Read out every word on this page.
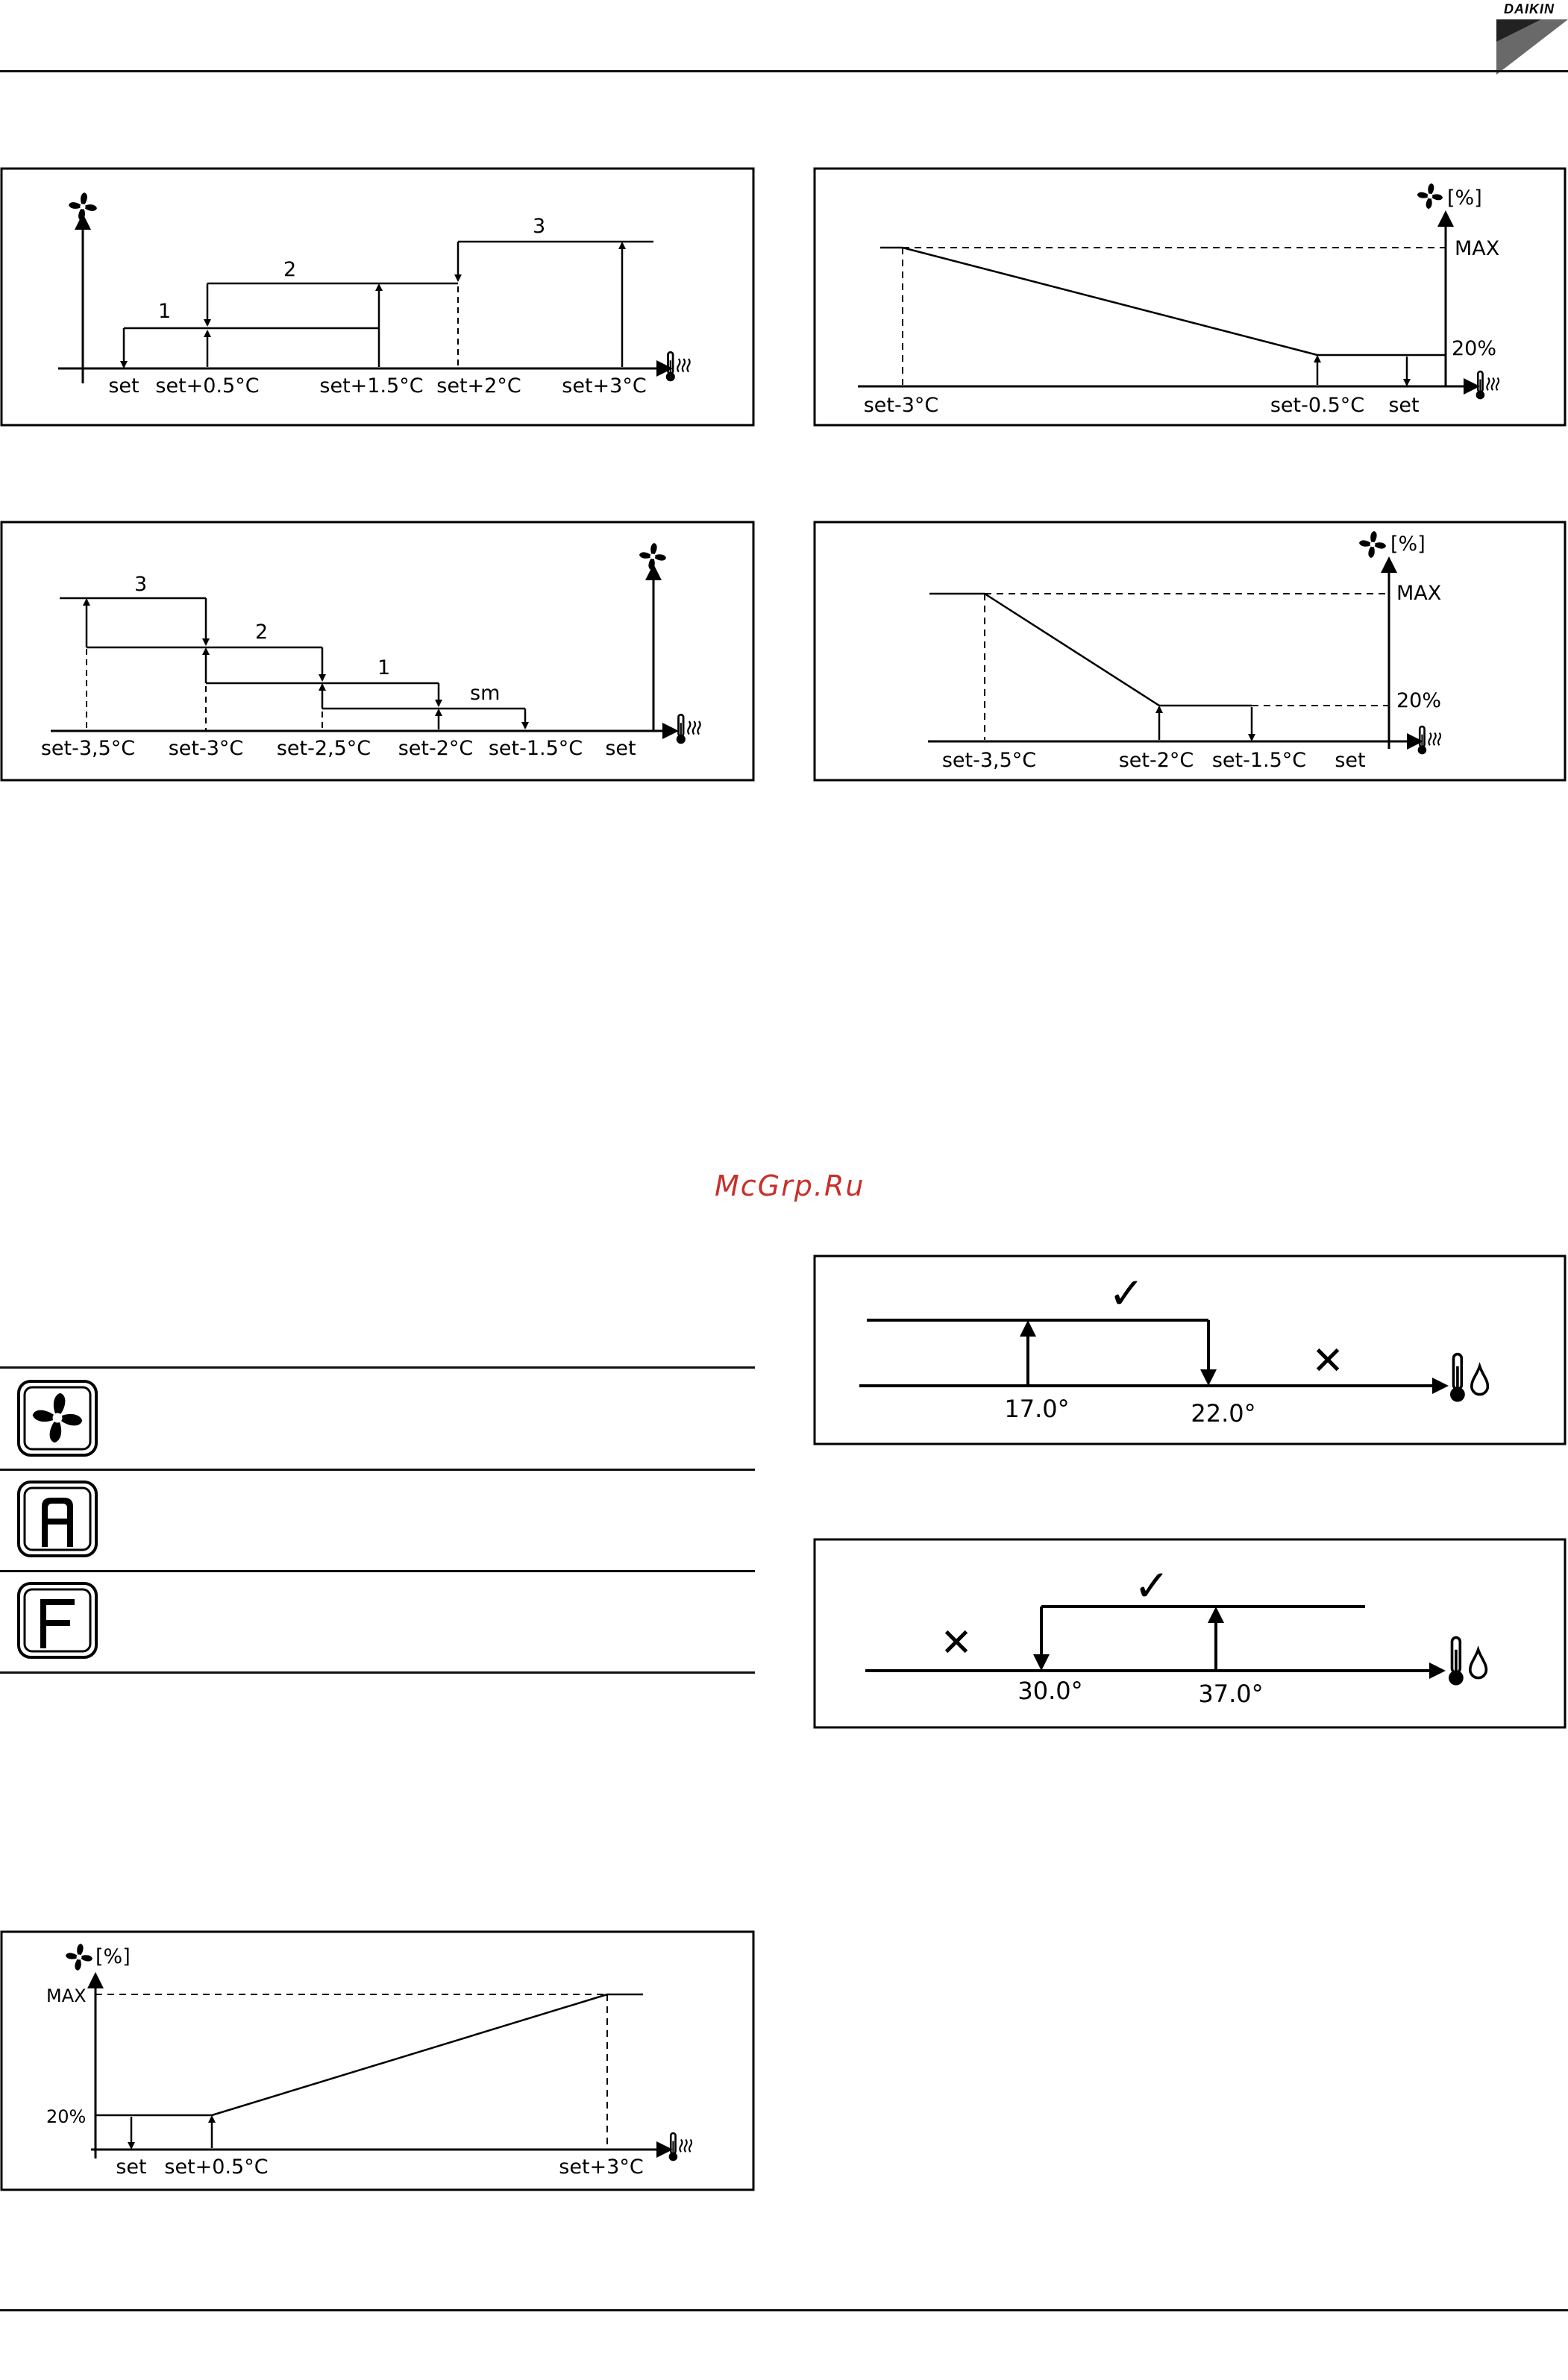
DAIKIN
1
2
3
set set+0.5°C	set+1.5°C set+2°C set+3°C
[%]
MAX
20%
set-3°C	set-0.5°C set
3
2
1
sm
set-3,5°C set-3°C set-2,5°C set-2°C set-1.5°C set
[%]
MAX
20%
set-3,5°C	set-2°C set-1.5°C set
McGrp.Ru
✓
✕
17.0°	22.0°
✓
✕
30.0°	37.0°
[%]
MAX
20%
set set+0.5°C	set+3°C
